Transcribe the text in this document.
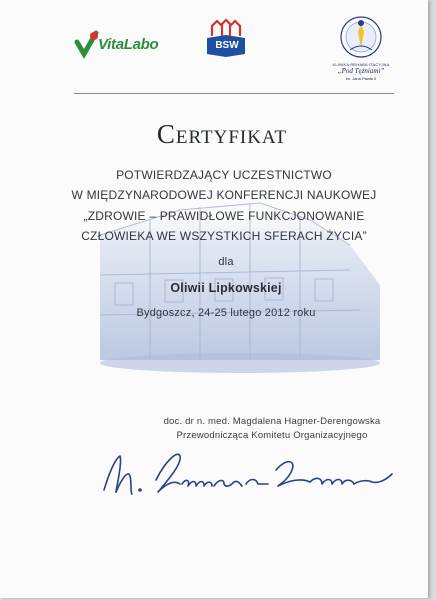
VitaLabo	BSW
KLINIKA REHABILITACYJNA
„Pod Tężniami”
im. Jana Pawła II
Certyfikat
POTWIERDZAJĄCY UCZESTNICTWO
W MIĘDZYNARODOWEJ KONFERENCJI NAUKOWEJ
„ZDROWIE – PRAWIDŁOWE FUNKCJONOWANIE
CZŁOWIEKA WE WSZYSTKICH SFERACH ŻYCIA”
dla
Oliwii Lipkowskiej
Bydgoszcz, 24-25 lutego 2012 roku
doc. dr n. med. Magdalena Hagner-Derengowska
Przewodnicząca Komitetu Organizacyjnego
